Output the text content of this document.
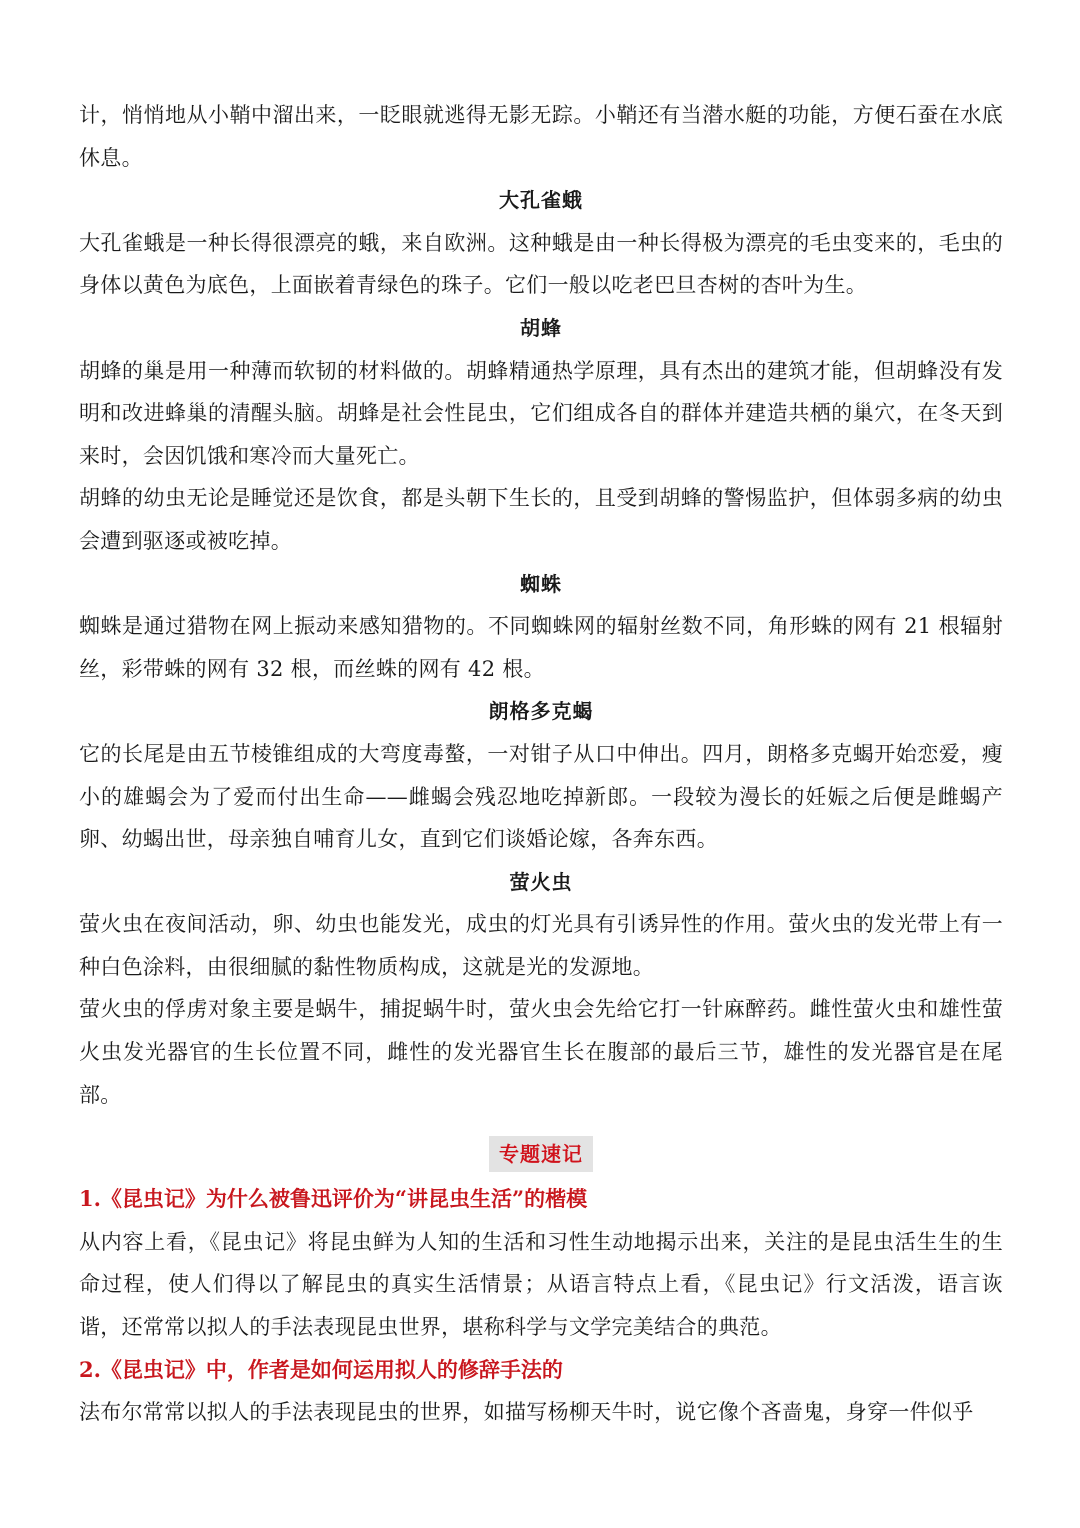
计，悄悄地从小鞘中溜出来，一眨眼就逃得无影无踪。小鞘还有当潜水艇的功能，方便石蚕在水底休息。

大孔雀蛾

大孔雀蛾是一种长得很漂亮的蛾，来自欧洲。这种蛾是由一种长得极为漂亮的毛虫变来的，毛虫的身体以黄色为底色，上面嵌着青绿色的珠子。它们一般以吃老巴旦杏树的杏叶为生。

胡蜂

胡蜂的巢是用一种薄而软韧的材料做的。胡蜂精通热学原理，具有杰出的建筑才能，但胡蜂没有发明和改进蜂巢的清醒头脑。胡蜂是社会性昆虫，它们组成各自的群体并建造共栖的巢穴，在冬天到来时，会因饥饿和寒冷而大量死亡。

胡蜂的幼虫无论是睡觉还是饮食，都是头朝下生长的，且受到胡蜂的警惕监护，但体弱多病的幼虫会遭到驱逐或被吃掉。

蜘蛛

蜘蛛是通过猎物在网上振动来感知猎物的。不同蜘蛛网的辐射丝数不同，角形蛛的网有 21 根辐射丝，彩带蛛的网有 32 根，而丝蛛的网有 42 根。

朗格多克蝎

它的长尾是由五节棱锥组成的大弯度毒螯，一对钳子从口中伸出。四月，朗格多克蝎开始恋爱，瘦小的雄蝎会为了爱而付出生命——雌蝎会残忍地吃掉新郎。一段较为漫长的妊娠之后便是雌蝎产卵、幼蝎出世，母亲独自哺育儿女，直到它们谈婚论嫁，各奔东西。

萤火虫

萤火虫在夜间活动，卵、幼虫也能发光，成虫的灯光具有引诱异性的作用。萤火虫的发光带上有一种白色涂料，由很细腻的黏性物质构成，这就是光的发源地。

萤火虫的俘虏对象主要是蜗牛，捕捉蜗牛时，萤火虫会先给它打一针麻醉药。雌性萤火虫和雄性萤火虫发光器官的生长位置不同，雌性的发光器官生长在腹部的最后三节，雄性的发光器官是在尾部。

专题速记

1.《昆虫记》为什么被鲁迅评价为“讲昆虫生活”的楷模

从内容上看，《昆虫记》将昆虫鲜为人知的生活和习性生动地揭示出来，关注的是昆虫活生生的生命过程，使人们得以了解昆虫的真实生活情景；从语言特点上看，《昆虫记》行文活泼，语言诙谐，还常常以拟人的手法表现昆虫世界，堪称科学与文学完美结合的典范。

2.《昆虫记》中，作者是如何运用拟人的修辞手法的

法布尔常常以拟人的手法表现昆虫的世界，如描写杨柳天牛时，说它像个吝啬鬼，身穿一件似乎
